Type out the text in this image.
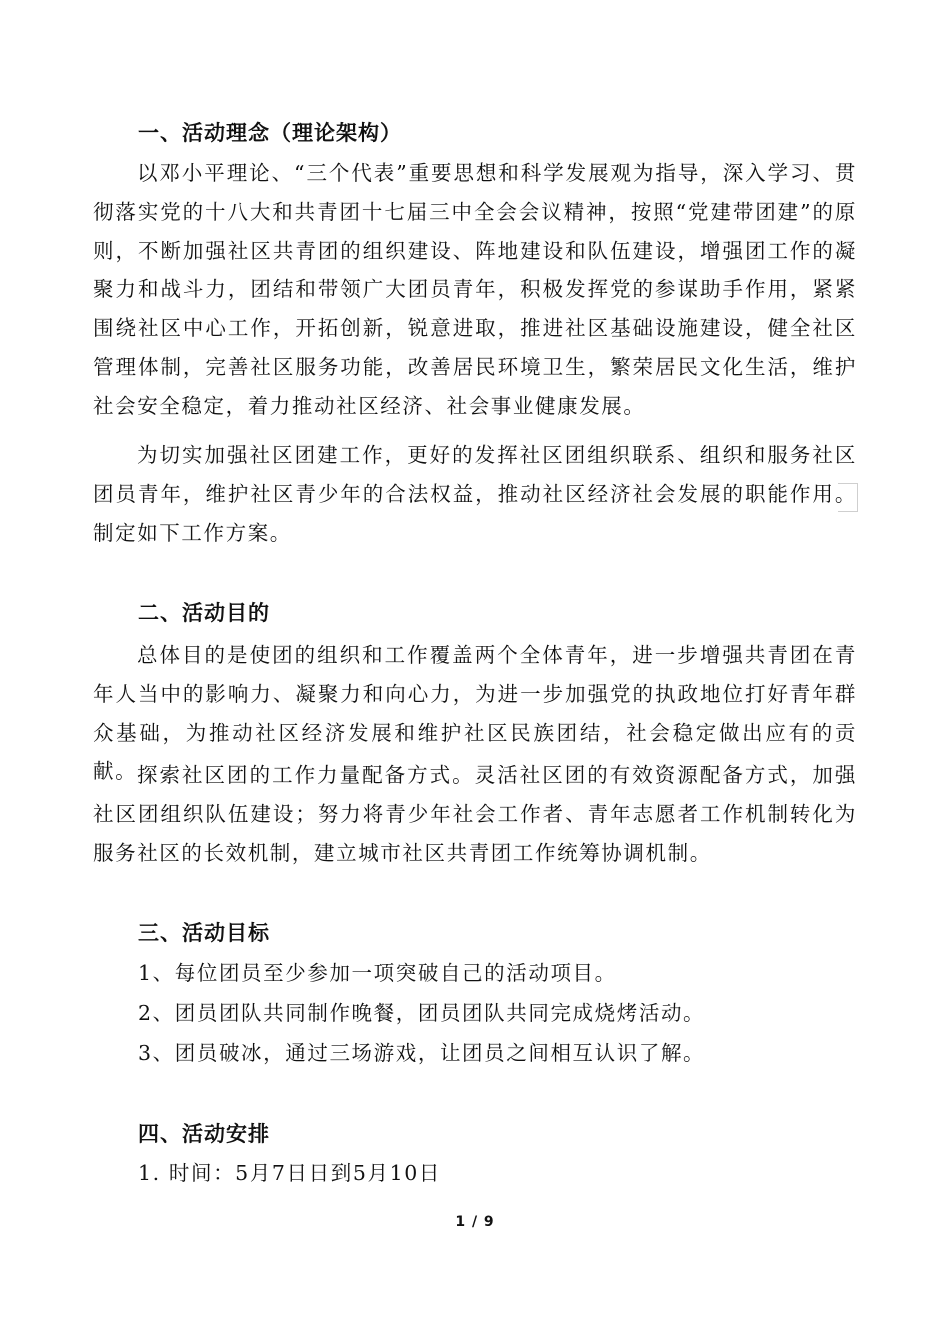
一、活动理念（理论架构）

以邓小平理论、“三个代表”重要思想和科学发展观为指导，深入学习、贯彻落实党的十八大和共青团十七届三中全会会议精神，按照“党建带团建”的原则，不断加强社区共青团的组织建设、阵地建设和队伍建设，增强团工作的凝聚力和战斗力，团结和带领广大团员青年，积极发挥党的参谋助手作用，紧紧围绕社区中心工作，开拓创新，锐意进取，推进社区基础设施建设，健全社区管理体制，完善社区服务功能，改善居民环境卫生，繁荣居民文化生活，维护社会安全稳定，着力推动社区经济、社会事业健康发展。

为切实加强社区团建工作，更好的发挥社区团组织联系、组织和服务社区团员青年，维护社区青少年的合法权益，推动社区经济社会发展的职能作用。制定如下工作方案。

二、活动目的

总体目的是使团的组织和工作覆盖两个全体青年，进一步增强共青团在青年人当中的影响力、凝聚力和向心力，为进一步加强党的执政地位打好青年群众基础，为推动社区经济发展和维护社区民族团结，社会稳定做出应有的贡献。 探索社区团的工作力量配备方式。灵活社区团的有效资源配备方式，加强社区团组织队伍建设；努力将青少年社会工作者、青年志愿者工作机制转化为服务社区的长效机制，建立城市社区共青团工作统筹协调机制。

三、活动目标
1、每位团员至少参加一项突破自己的活动项目。
2、团员团队共同制作晚餐，团员团队共同完成烧烤活动。
3、团员破冰，通过三场游戏，让团员之间相互认识了解。
四、活动安排
1. 时间：5月7日日到5月10日
1 / 9
